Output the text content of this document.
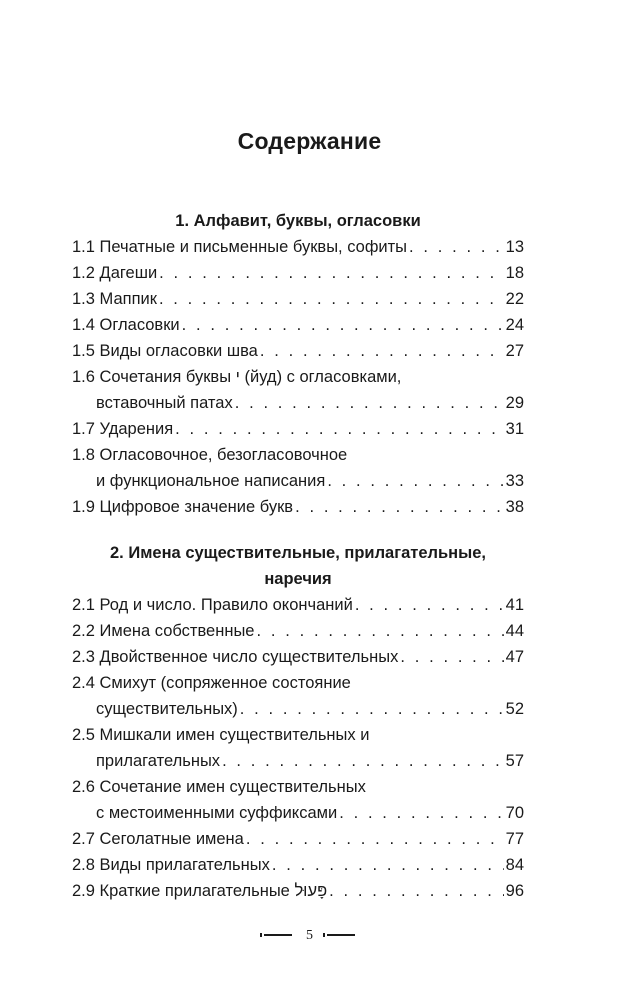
Содержание
1. Алфавит, буквы, огласовки
1.1 Печатные и письменные буквы, софиты . . .	13
1.2 Дагеши . . .	18
1.3 Маппик . . .	22
1.4 Огласовки . . .	24
1.5 Виды огласовки шва . . .	27
1.6 Сочетания буквы י (йуд) с огласовками,
вставочный патах . . .	29
1.7 Ударения . . .	31
1.8 Огласовочное, безогласовочное
и функциональное написания . . .	33
1.9 Цифровое значение букв . . .	38
2. Имена существительные, прилагательные,
наречия
2.1 Род и число. Правило окончаний . . .	41
2.2 Имена собственные . . .	44
2.3 Двойственное число существительных . . .	47
2.4 Смихут (сопряженное состояние
существительных) . . .	52
2.5 Мишкали имен существительных и
прилагательных . . .	57
2.6 Сочетание имен существительных
с местоименными суффиксами . . .	70
2.7 Сеголатные имена . . .	77
2.8 Виды прилагательных . . .	84
2.9 Краткие прилагательные פָּעוּל . . .	96
5
